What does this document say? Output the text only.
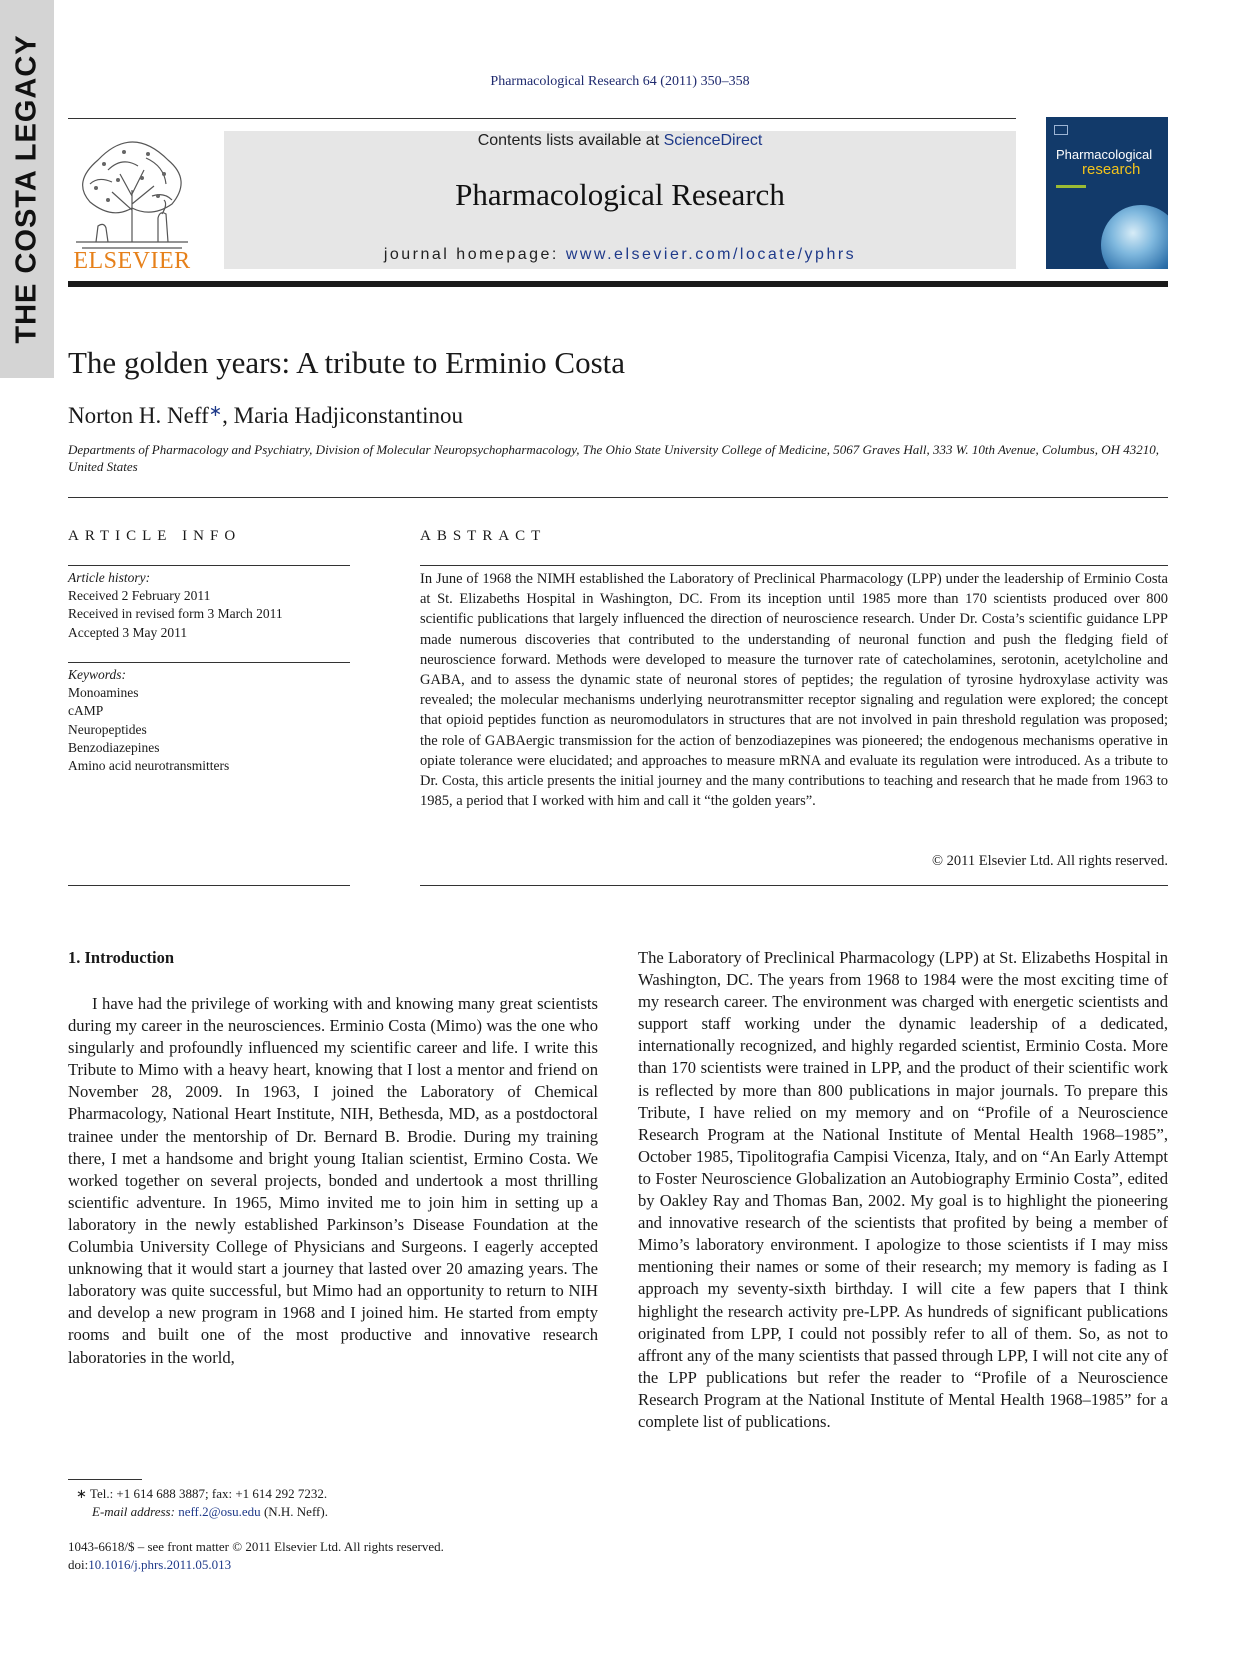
THE COSTA LEGACY	Pharmacological Research 64 (2011) 350–358
ELSEVIER
Contents lists available at ScienceDirect
Pharmacological Research
journal homepage: www.elsevier.com/locate/yphrs
Pharmacological
research
The golden years: A tribute to Erminio Costa
Norton H. Neff∗, Maria Hadjiconstantinou
Departments of Pharmacology and Psychiatry, Division of Molecular Neuropsychopharmacology, The Ohio State University College of Medicine, 5067 Graves Hall, 333 W. 10th Avenue, Columbus, OH 43210, United States
ARTICLE INFO
Article history:
Received 2 February 2011
Received in revised form 3 March 2011
Accepted 3 May 2011
Keywords:
Monoamines
cAMP
Neuropeptides
Benzodiazepines
Amino acid neurotransmitters
ABSTRACT
In June of 1968 the NIMH established the Laboratory of Preclinical Pharmacology (LPP) under the leadership of Erminio Costa at St. Elizabeths Hospital in Washington, DC. From its inception until 1985 more than 170 scientists produced over 800 scientific publications that largely influenced the direction of neuroscience research. Under Dr. Costa’s scientific guidance LPP made numerous discoveries that contributed to the understanding of neuronal function and push the fledging field of neuroscience forward. Methods were developed to measure the turnover rate of catecholamines, serotonin, acetylcholine and GABA, and to assess the dynamic state of neuronal stores of peptides; the regulation of tyrosine hydroxylase activity was revealed; the molecular mechanisms underlying neurotransmitter receptor signaling and regulation were explored; the concept that opioid peptides function as neuromodulators in structures that are not involved in pain threshold regulation was proposed; the role of GABAergic transmission for the action of benzodiazepines was pioneered; the endogenous mechanisms operative in opiate tolerance were elucidated; and approaches to measure mRNA and evaluate its regulation were introduced. As a tribute to Dr. Costa, this article presents the initial journey and the many contributions to teaching and research that he made from 1963 to 1985, a period that I worked with him and call it “the golden years”.
© 2011 Elsevier Ltd. All rights reserved.
1. Introduction
I have had the privilege of working with and knowing many great scientists during my career in the neurosciences. Erminio Costa (Mimo) was the one who singularly and profoundly influenced my scientific career and life. I write this Tribute to Mimo with a heavy heart, knowing that I lost a mentor and friend on November 28, 2009. In 1963, I joined the Laboratory of Chemical Pharmacology, National Heart Institute, NIH, Bethesda, MD, as a postdoctoral trainee under the mentorship of Dr. Bernard B. Brodie. During my training there, I met a handsome and bright young Italian scientist, Ermino Costa. We worked together on several projects, bonded and undertook a most thrilling scientific adventure. In 1965, Mimo invited me to join him in setting up a laboratory in the newly established Parkinson’s Disease Foundation at the Columbia University College of Physicians and Surgeons. I eagerly accepted unknowing that it would start a journey that lasted over 20 amazing years. The laboratory was quite successful, but Mimo had an opportunity to return to NIH and develop a new program in 1968 and I joined him. He started from empty rooms and built one of the most productive and innovative research laboratories in the world,
The Laboratory of Preclinical Pharmacology (LPP) at St. Elizabeths Hospital in Washington, DC. The years from 1968 to 1984 were the most exciting time of my research career. The environment was charged with energetic scientists and support staff working under the dynamic leadership of a dedicated, internationally recognized, and highly regarded scientist, Erminio Costa. More than 170 scientists were trained in LPP, and the product of their scientific work is reflected by more than 800 publications in major journals. To prepare this Tribute, I have relied on my memory and on “Profile of a Neuroscience Research Program at the National Institute of Mental Health 1968–1985”, October 1985, Tipolitografia Campisi Vicenza, Italy, and on “An Early Attempt to Foster Neuroscience Globalization an Autobiography Erminio Costa”, edited by Oakley Ray and Thomas Ban, 2002. My goal is to highlight the pioneering and innovative research of the scientists that profited by being a member of Mimo’s laboratory environment. I apologize to those scientists if I may miss mentioning their names or some of their research; my memory is fading as I approach my seventy-sixth birthday. I will cite a few papers that I think highlight the research activity pre-LPP. As hundreds of significant publications originated from LPP, I could not possibly refer to all of them. So, as not to affront any of the many scientists that passed through LPP, I will not cite any of the LPP publications but refer the reader to “Profile of a Neuroscience Research Program at the National Institute of Mental Health 1968–1985” for a complete list of publications.
∗ Tel.: +1 614 688 3887; fax: +1 614 292 7232.
E-mail address: neff.2@osu.edu (N.H. Neff).
1043-6618/$ – see front matter © 2011 Elsevier Ltd. All rights reserved.
doi:10.1016/j.phrs.2011.05.013
